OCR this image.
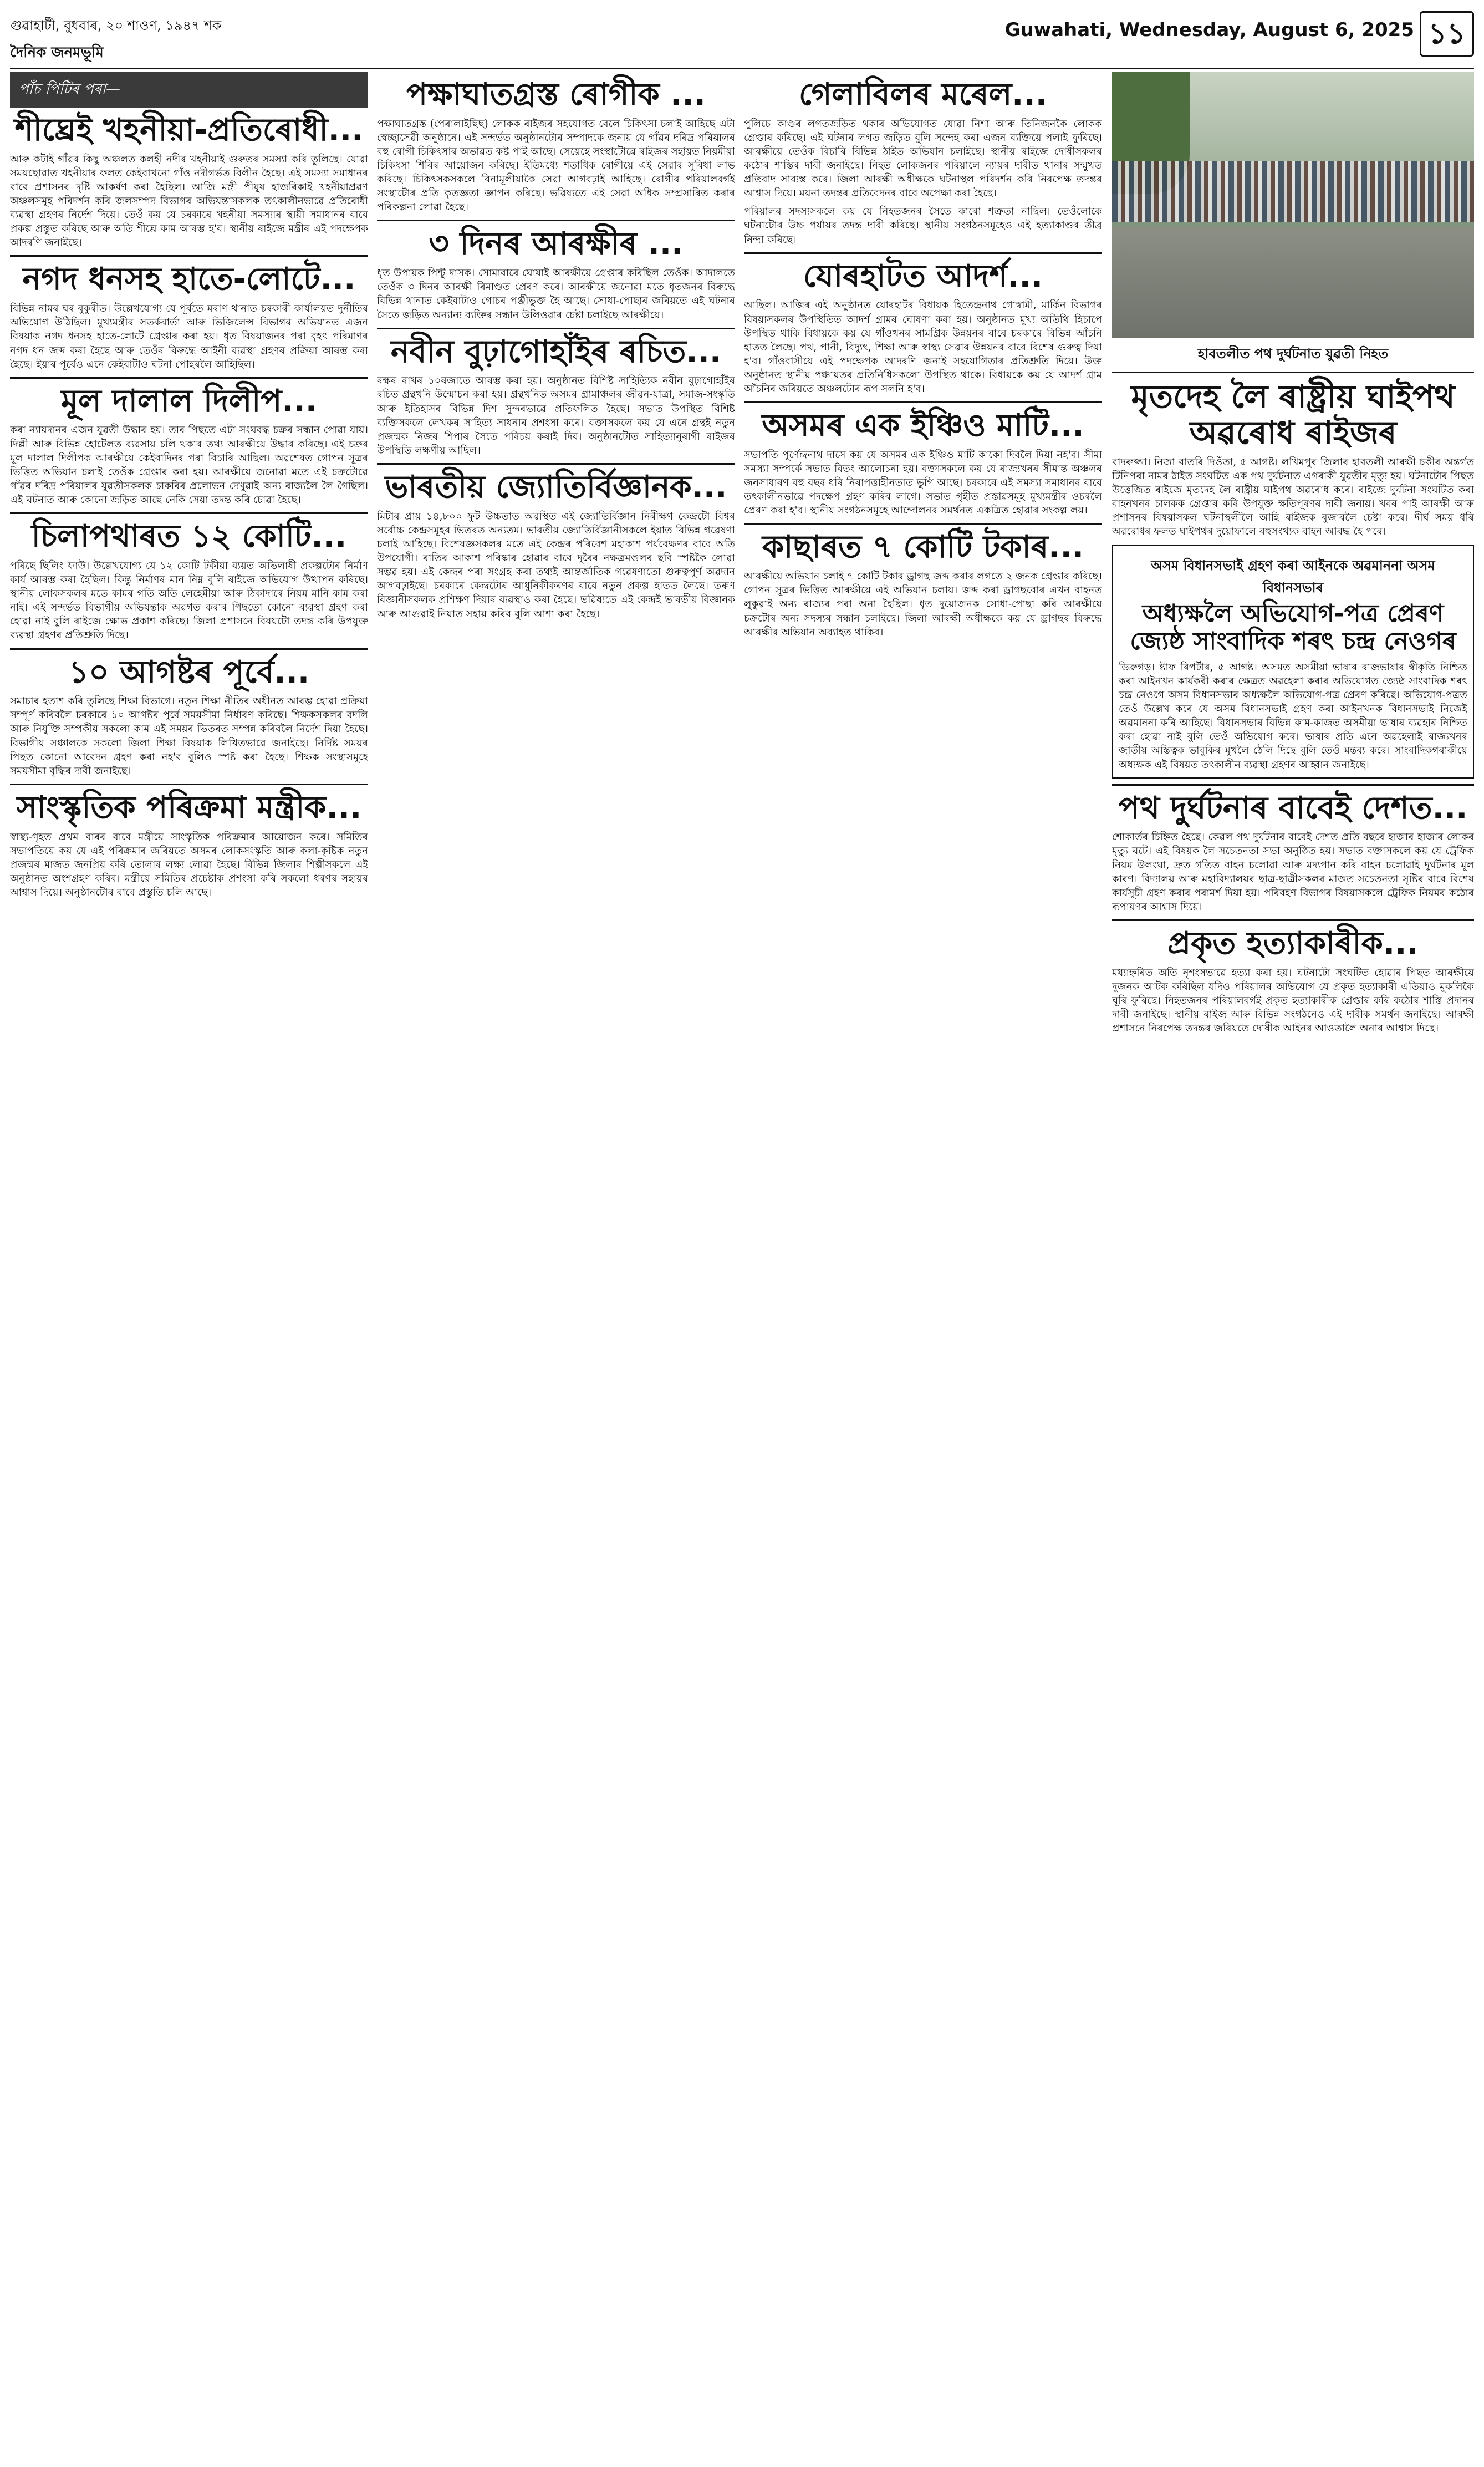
গুৱাহাটী, বুধবাৰ, ২০ শাওণ, ১৯৪৭ শক
দৈনিক জনমভূমি
Guwahati, Wednesday, August 6, 2025 ১১
পাঁচ পিটিৰ পৰা—
শীঘ্ৰেই খহনীয়া-প্ৰতিৰোধী...
আৰু কটাই গাঁৱৰ কিছু অঞ্চলত কলহী নদীৰ খহনীয়াই গুৰুতৰ সমস্যা কৰি তুলিছে। যোৱা সময়ছোৱাত খহনীয়াৰ ফলত কেইবাখনো গাঁও নদীগৰ্ভত বিলীন হৈছে। এই সমস্যা সমাধানৰ বাবে প্ৰশাসনৰ দৃষ্টি আকৰ্ষণ কৰা হৈছিল। আজি মন্ত্ৰী পীযুষ হাজৰিকাই খহনীয়াপ্ৰৱণ অঞ্চলসমূহ পৰিদৰ্শন কৰি জলসম্পদ বিভাগৰ অভিযন্তাসকলক তৎকালীনভাৱে প্ৰতিৰোধী ব্যৱস্থা গ্ৰহণৰ নিৰ্দেশ দিয়ে। তেওঁ কয় যে চৰকাৰে খহনীয়া সমস্যাৰ স্থায়ী সমাধানৰ বাবে প্ৰকল্প প্ৰস্তুত কৰিছে আৰু অতি শীঘ্ৰে কাম আৰম্ভ হ'ব। স্থানীয় ৰাইজে মন্ত্ৰীৰ এই পদক্ষেপক আদৰণি জনাইছে।
নগদ ধনসহ হাতে-লোটে...
বিভিন্ন নামৰ ঘৰ বুকুৰীত। উল্লেখযোগ্য যে পূৰ্বতে মৰাণ থানাত চৰকাৰী কাৰ্যালয়ত দুৰ্নীতিৰ অভিযোগ উঠিছিল। মুখ্যমন্ত্ৰীৰ সতৰ্কবাৰ্তা আৰু ভিজিলেন্স বিভাগৰ অভিযানত এজন বিষয়াক নগদ ধনসহ হাতে-লোটে গ্ৰেপ্তাৰ কৰা হয়। ধৃত বিষয়াজনৰ পৰা বৃহৎ পৰিমাণৰ নগদ ধন জব্দ কৰা হৈছে আৰু তেওঁৰ বিৰুদ্ধে আইনী ব্যৱস্থা গ্ৰহণৰ প্ৰক্ৰিয়া আৰম্ভ কৰা হৈছে। ইয়াৰ পূৰ্বেও এনে কেইবাটাও ঘটনা পোহৰলৈ আহিছিল।
মূল দালাল দিলীপ...
কৰা ন্যায়দানৰ এজন যুৱতী উদ্ধাৰ হয়। তাৰ পিছতে এটা সংঘবদ্ধ চক্ৰৰ সন্ধান পোৱা যায়। দিল্লী আৰু বিভিন্ন হোটেলত ব্যৱসায় চলি থকাৰ তথ্য আৰক্ষীয়ে উদ্ধাৰ কৰিছে। এই চক্ৰৰ মূল দালাল দিলীপক আৰক্ষীয়ে কেইবাদিনৰ পৰা বিচাৰি আছিল। অৱশেষত গোপন সূত্ৰৰ ভিত্তিত অভিযান চলাই তেওঁক গ্ৰেপ্তাৰ কৰা হয়। আৰক্ষীয়ে জনোৱা মতে এই চক্ৰটোৱে গাঁৱৰ দৰিদ্ৰ পৰিয়ালৰ যুৱতীসকলক চাকৰিৰ প্ৰলোভন দেখুৱাই অন্য ৰাজ্যলৈ লৈ গৈছিল। এই ঘটনাত আৰু কোনো জড়িত আছে নেকি সেয়া তদন্ত কৰি চোৱা হৈছে।
চিলাপথাৰত ১২ কোটি...
পৰিছে ছিলিং ফাউ। উল্লেখযোগ্য যে ১২ কোটি টকীয়া ব্যয়ত অভিলাষী প্ৰকল্পটোৰ নিৰ্মাণ কাৰ্য আৰম্ভ কৰা হৈছিল। কিন্তু নিৰ্মাণৰ মান নিম্ন বুলি ৰাইজে অভিযোগ উত্থাপন কৰিছে। স্থানীয় লোকসকলৰ মতে কামৰ গতি অতি লেহেমীয়া আৰু ঠিকাদাৰে নিয়ম মানি কাম কৰা নাই। এই সন্দৰ্ভত বিভাগীয় অভিযন্তাক অৱগত কৰাৰ পিছতো কোনো ব্যৱস্থা গ্ৰহণ কৰা হোৱা নাই বুলি ৰাইজে ক্ষোভ প্ৰকাশ কৰিছে। জিলা প্ৰশাসনে বিষয়টো তদন্ত কৰি উপযুক্ত ব্যৱস্থা গ্ৰহণৰ প্ৰতিশ্ৰুতি দিছে।
১০ আগষ্টৰ পূৰ্বে...
সমাচাৰ হতাশ কৰি তুলিছে শিক্ষা বিভাগে। নতুন শিক্ষা নীতিৰ অধীনত আৰম্ভ হোৱা প্ৰক্ৰিয়া সম্পূৰ্ণ কৰিবলৈ চৰকাৰে ১০ আগষ্টৰ পূৰ্বে সময়সীমা নিৰ্ধাৰণ কৰিছে। শিক্ষকসকলৰ বদলি আৰু নিযুক্তি সম্পৰ্কীয় সকলো কাম এই সময়ৰ ভিতৰত সম্পন্ন কৰিবলৈ নিৰ্দেশ দিয়া হৈছে। বিভাগীয় সঞ্চালকে সকলো জিলা শিক্ষা বিষয়াক লিখিতভাৱে জনাইছে। নিৰ্দিষ্ট সময়ৰ পিছত কোনো আবেদন গ্ৰহণ কৰা নহ'ব বুলিও স্পষ্ট কৰা হৈছে। শিক্ষক সংস্থাসমূহে সময়সীমা বৃদ্ধিৰ দাবী জনাইছে।
সাংস্কৃতিক পৰিক্ৰমা মন্ত্ৰীক...
স্বাস্থ্য-গৃহত প্ৰথম বাৰৰ বাবে মন্ত্ৰীয়ে সাংস্কৃতিক পৰিক্ৰমাৰ আয়োজন কৰে। সমিতিৰ সভাপতিয়ে কয় যে এই পৰিক্ৰমাৰ জৰিয়তে অসমৰ লোকসংস্কৃতি আৰু কলা-কৃষ্টিক নতুন প্ৰজন্মৰ মাজত জনপ্ৰিয় কৰি তোলাৰ লক্ষ্য লোৱা হৈছে। বিভিন্ন জিলাৰ শিল্পীসকলে এই অনুষ্ঠানত অংশগ্ৰহণ কৰিব। মন্ত্ৰীয়ে সমিতিৰ প্ৰচেষ্টাক প্ৰশংসা কৰি সকলো ধৰণৰ সহায়ৰ আশ্বাস দিয়ে। অনুষ্ঠানটোৰ বাবে প্ৰস্তুতি চলি আছে।
পক্ষাঘাতগ্ৰস্ত ৰোগীক ...
পক্ষাঘাতগ্ৰস্ত (পেৰালাইছিছ) লোকক ৰাইজৰ সহযোগত বেলে চিকিৎসা চলাই আহিছে এটা স্বেচ্ছাসেৱী অনুষ্ঠানে। এই সন্দৰ্ভত অনুষ্ঠানটোৰ সম্পাদকে জনায় যে গাঁৱৰ দৰিদ্ৰ পৰিয়ালৰ বহু ৰোগী চিকিৎসাৰ অভাৱত কষ্ট পাই আছে। সেয়েহে সংস্থাটোৱে ৰাইজৰ সহায়ত নিয়মীয়া চিকিৎসা শিবিৰ আয়োজন কৰিছে। ইতিমধ্যে শতাধিক ৰোগীয়ে এই সেৱাৰ সুবিধা লাভ কৰিছে। চিকিৎসকসকলে বিনামূলীয়াকৈ সেৱা আগবঢ়াই আহিছে। ৰোগীৰ পৰিয়ালবৰ্গই সংস্থাটোৰ প্ৰতি কৃতজ্ঞতা জ্ঞাপন কৰিছে। ভৱিষ্যতে এই সেৱা অধিক সম্প্ৰসাৰিত কৰাৰ পৰিকল্পনা লোৱা হৈছে।
৩ দিনৰ আৰক্ষীৰ ...
ধৃত উপায়ক পিন্টু দাসক। সোমাবাৰে ঘোষাই আৰক্ষীয়ে গ্ৰেপ্তাৰ কৰিছিল তেওঁক। আদালতে তেওঁক ৩ দিনৰ আৰক্ষী ৰিমাণ্ডত প্ৰেৰণ কৰে। আৰক্ষীয়ে জনোৱা মতে ধৃতজনৰ বিৰুদ্ধে বিভিন্ন থানাত কেইবাটাও গোচৰ পঞ্জীভুক্ত হৈ আছে। সোধা-পোছাৰ জৰিয়তে এই ঘটনাৰ সৈতে জড়িত অন্যান্য ব্যক্তিৰ সন্ধান উলিওৱাৰ চেষ্টা চলাইছে আৰক্ষীয়ে।
নবীন বুঢ়াগোহাঁইৰ ৰচিত...
ৰক্ষৰ ৰাখৰ ১০ৰজাতে আৰম্ভ কৰা হয়। অনুষ্ঠানত বিশিষ্ট সাহিত্যিক নবীন বুঢ়াগোহাঁইৰ ৰচিত গ্ৰন্থখনি উন্মোচন কৰা হয়। গ্ৰন্থখনিত অসমৰ গ্ৰামাঞ্চলৰ জীৱন-যাত্ৰা, সমাজ-সংস্কৃতি আৰু ইতিহাসৰ বিভিন্ন দিশ সুন্দৰভাৱে প্ৰতিফলিত হৈছে। সভাত উপস্থিত বিশিষ্ট ব্যক্তিসকলে লেখকৰ সাহিত্য সাধনাৰ প্ৰশংসা কৰে। বক্তাসকলে কয় যে এনে গ্ৰন্থই নতুন প্ৰজন্মক নিজৰ শিপাৰ সৈতে পৰিচয় কৰাই দিব। অনুষ্ঠানটোত সাহিত্যানুৰাগী ৰাইজৰ উপস্থিতি লক্ষণীয় আছিল।
ভাৰতীয় জ্যোতিৰ্বিজ্ঞানক...
মিটাৰ প্ৰায় ১৪,৮০০ ফুট উচ্চতাত অৱস্থিত এই জ্যোতিৰ্বিজ্ঞান নিৰীক্ষণ কেন্দ্ৰটো বিশ্বৰ সৰ্বোচ্চ কেন্দ্ৰসমূহৰ ভিতৰত অন্যতম। ভাৰতীয় জ্যোতিৰ্বিজ্ঞানীসকলে ইয়াত বিভিন্ন গৱেষণা চলাই আহিছে। বিশেষজ্ঞসকলৰ মতে এই কেন্দ্ৰৰ পৰিবেশ মহাকাশ পৰ্যবেক্ষণৰ বাবে অতি উপযোগী। ৰাতিৰ আকাশ পৰিষ্কাৰ হোৱাৰ বাবে দূৰৈৰ নক্ষত্ৰমণ্ডলৰ ছবি স্পষ্টকৈ লোৱা সম্ভৱ হয়। এই কেন্দ্ৰৰ পৰা সংগ্ৰহ কৰা তথ্যই আন্তৰ্জাতিক গৱেষণাতো গুৰুত্বপূৰ্ণ অৱদান আগবঢ়াইছে। চৰকাৰে কেন্দ্ৰটোৰ আধুনিকীকৰণৰ বাবে নতুন প্ৰকল্প হাতত লৈছে। তৰুণ বিজ্ঞানীসকলক প্ৰশিক্ষণ দিয়াৰ ব্যৱস্থাও কৰা হৈছে। ভৱিষ্যতে এই কেন্দ্ৰই ভাৰতীয় বিজ্ঞানক আৰু আগুৱাই নিয়াত সহায় কৰিব বুলি আশা কৰা হৈছে।
গেলাবিলৰ মৰেল...
পুলিচে কাণ্ডৰ লগতজড়িত থকাৰ অভিযোগত যোৱা নিশা আৰু তিনিজনকৈ লোকক গ্ৰেপ্তাৰ কৰিছে। এই ঘটনাৰ লগত জড়িত বুলি সন্দেহ কৰা এজন ব্যক্তিয়ে পলাই ফুৰিছে। আৰক্ষীয়ে তেওঁক বিচাৰি বিভিন্ন ঠাইত অভিযান চলাইছে। স্থানীয় ৰাইজে দোষীসকলৰ কঠোৰ শাস্তিৰ দাবী জনাইছে। নিহত লোকজনৰ পৰিয়ালে ন্যায়ৰ দাবীত থানাৰ সন্মুখত প্ৰতিবাদ সাব্যস্ত কৰে। জিলা আৰক্ষী অধীক্ষকে ঘটনাস্থল পৰিদৰ্শন কৰি নিৰপেক্ষ তদন্তৰ আশ্বাস দিয়ে। ময়না তদন্তৰ প্ৰতিবেদনৰ বাবে অপেক্ষা কৰা হৈছে।
পৰিয়ালৰ সদস্যসকলে কয় যে নিহতজনৰ সৈতে কাৰো শত্ৰুতা নাছিল। তেওঁলোকে ঘটনাটোৰ উচ্চ পৰ্যায়ৰ তদন্ত দাবী কৰিছে। স্থানীয় সংগঠনসমূহেও এই হত্যাকাণ্ডৰ তীব্ৰ নিন্দা কৰিছে।
যোৰহাটত আদৰ্শ...
আছিল। আজিৰ এই অনুষ্ঠানত যোৰহাটৰ বিধায়ক হিতেন্দ্ৰনাথ গোস্বামী, মাৰ্কিন বিভাগৰ বিষয়াসকলৰ উপস্থিতিত আদৰ্শ গ্ৰামৰ ঘোষণা কৰা হয়। অনুষ্ঠানত মুখ্য অতিথি হিচাপে উপস্থিত থাকি বিধায়কে কয় যে গাঁওখনৰ সামগ্ৰিক উন্নয়নৰ বাবে চৰকাৰে বিভিন্ন আঁচনি হাতত লৈছে। পথ, পানী, বিদ্যুৎ, শিক্ষা আৰু স্বাস্থ্য সেৱাৰ উন্নয়নৰ বাবে বিশেষ গুৰুত্ব দিয়া হ'ব। গাঁওবাসীয়ে এই পদক্ষেপক আদৰণি জনাই সহযোগিতাৰ প্ৰতিশ্ৰুতি দিয়ে। উক্ত অনুষ্ঠানত স্থানীয় পঞ্চায়তৰ প্ৰতিনিধিসকলো উপস্থিত থাকে। বিধায়কে কয় যে আদৰ্শ গ্ৰাম আঁচনিৰ জৰিয়তে অঞ্চলটোৰ ৰূপ সলনি হ'ব।
অসমৰ এক ইঞ্চিও মাটি...
সভাপতি পূৰ্ণেন্দ্ৰনাথ দাসে কয় যে অসমৰ এক ইঞ্চিও মাটি কাকো দিবলৈ দিয়া নহ'ব। সীমা সমস্যা সম্পৰ্কে সভাত বিতং আলোচনা হয়। বক্তাসকলে কয় যে ৰাজ্যখনৰ সীমান্ত অঞ্চলৰ জনসাধাৰণ বহু বছৰ ধৰি নিৰাপত্তাহীনতাত ভুগি আছে। চৰকাৰে এই সমস্যা সমাধানৰ বাবে তৎকালীনভাৱে পদক্ষেপ গ্ৰহণ কৰিব লাগে। সভাত গৃহীত প্ৰস্তাৱসমূহ মুখ্যমন্ত্ৰীৰ ওচৰলৈ প্ৰেৰণ কৰা হ'ব। স্থানীয় সংগঠনসমূহে আন্দোলনৰ সমৰ্থনত একত্ৰিত হোৱাৰ সংকল্প লয়।
কাছাৰত ৭ কোটি টকাৰ...
আৰক্ষীয়ে অভিযান চলাই ৭ কোটি টকাৰ ড্ৰাগছ জব্দ কৰাৰ লগতে ২ জনক গ্ৰেপ্তাৰ কৰিছে। গোপন সূত্ৰৰ ভিত্তিত আৰক্ষীয়ে এই অভিযান চলায়। জব্দ কৰা ড্ৰাগছবোৰ এখন বাহনত লুকুৱাই অন্য ৰাজ্যৰ পৰা অনা হৈছিল। ধৃত দুয়োজনক সোধা-পোছা কৰি আৰক্ষীয়ে চক্ৰটোৰ অন্য সদস্যৰ সন্ধান চলাইছে। জিলা আৰক্ষী অধীক্ষকে কয় যে ড্ৰাগছৰ বিৰুদ্ধে আৰক্ষীৰ অভিযান অব্যাহত থাকিব।
হাবতলীত পথ দুৰ্ঘটনাত যুৱতী নিহত
মৃতদেহ লৈ ৰাষ্ট্ৰীয় ঘাইপথ অৱৰোধ ৰাইজৰ
বাদৰুজ্জা। নিজা বাতৰি দিওঁতা, ৫ আগষ্ট। লখিমপুৰ জিলাৰ হাবতলী আৰক্ষী চকীৰ অন্তৰ্গত টিনিপৰা নামৰ ঠাইত সংঘটিত এক পথ দুৰ্ঘটনাত এগৰাকী যুৱতীৰ মৃত্যু হয়। ঘটনাটোৰ পিছত উত্তেজিত ৰাইজে মৃতদেহ লৈ ৰাষ্ট্ৰীয় ঘাইপথ অৱৰোধ কৰে। ৰাইজে দুৰ্ঘটনা সংঘটিত কৰা বাহনখনৰ চালকক গ্ৰেপ্তাৰ কৰি উপযুক্ত ক্ষতিপূৰণৰ দাবী জনায়। খবৰ পাই আৰক্ষী আৰু প্ৰশাসনৰ বিষয়াসকল ঘটনাস্থলীলৈ আহি ৰাইজক বুজাবলৈ চেষ্টা কৰে। দীৰ্ঘ সময় ধৰি অৱৰোধৰ ফলত ঘাইপথৰ দুয়োফালে বহুসংখ্যক বাহন আবদ্ধ হৈ পৰে।
অসম বিধানসভাই গ্ৰহণ কৰা আইনকে অৱমাননা অসম বিধানসভাৰ
অধ্যক্ষলৈ অভিযোগ-পত্ৰ প্ৰেৰণ জ্যেষ্ঠ সাংবাদিক শৰৎ চন্দ্ৰ নেওগৰ
ডিব্ৰুগড়। ষ্টাফ ৰিপৰ্টাৰ, ৫ আগষ্ট। অসমত অসমীয়া ভাষাৰ ৰাজভাষাৰ স্বীকৃতি নিশ্চিত কৰা আইনখন কাৰ্যকৰী কৰাৰ ক্ষেত্ৰত অৱহেলা কৰাৰ অভিযোগত জ্যেষ্ঠ সাংবাদিক শৰৎ চন্দ্ৰ নেওগে অসম বিধানসভাৰ অধ্যক্ষলৈ অভিযোগ-পত্ৰ প্ৰেৰণ কৰিছে। অভিযোগ-পত্ৰত তেওঁ উল্লেখ কৰে যে অসম বিধানসভাই গ্ৰহণ কৰা আইনখনক বিধানসভাই নিজেই অৱমাননা কৰি আহিছে। বিধানসভাৰ বিভিন্ন কাম-কাজত অসমীয়া ভাষাৰ ব্যৱহাৰ নিশ্চিত কৰা হোৱা নাই বুলি তেওঁ অভিযোগ কৰে। ভাষাৰ প্ৰতি এনে অৱহেলাই ৰাজ্যখনৰ জাতীয় অস্তিত্বক ভাবুকিৰ মুখলৈ ঠেলি দিছে বুলি তেওঁ মন্তব্য কৰে। সাংবাদিকগৰাকীয়ে অধ্যক্ষক এই বিষয়ত তৎকালীন ব্যৱস্থা গ্ৰহণৰ আহ্বান জনাইছে।
পথ দুৰ্ঘটনাৰ বাবেই দেশত...
শোকাৰ্তৰ চিহ্নিত হৈছে। কেৱল পথ দুৰ্ঘটনাৰ বাবেই দেশত প্ৰতি বছৰে হাজাৰ হাজাৰ লোকৰ মৃত্যু ঘটে। এই বিষয়ক লৈ সচেতনতা সভা অনুষ্ঠিত হয়। সভাত বক্তাসকলে কয় যে ট্ৰেফিক নিয়ম উলংঘা, দ্ৰুত গতিত বাহন চলোৱা আৰু মদ্যপান কৰি বাহন চলোৱাই দুৰ্ঘটনাৰ মূল কাৰণ। বিদ্যালয় আৰু মহাবিদ্যালয়ৰ ছাত্ৰ-ছাত্ৰীসকলৰ মাজত সচেতনতা সৃষ্টিৰ বাবে বিশেষ কাৰ্যসূচী গ্ৰহণ কৰাৰ পৰামৰ্শ দিয়া হয়। পৰিবহণ বিভাগৰ বিষয়াসকলে ট্ৰেফিক নিয়মৰ কঠোৰ ৰূপায়ণৰ আশ্বাস দিয়ে।
প্ৰকৃত হত্যাকাৰীক...
মধ্যাহ্নৰিত অতি নৃশংসভাৱে হত্যা কৰা হয়। ঘটনাটো সংঘটিত হোৱাৰ পিছত আৰক্ষীয়ে দুজনক আটক কৰিছিল যদিও পৰিয়ালৰ অভিযোগ যে প্ৰকৃত হত্যাকাৰী এতিয়াও মুকলিকৈ ঘূৰি ফুৰিছে। নিহতজনৰ পৰিয়ালবৰ্গই প্ৰকৃত হত্যাকাৰীক গ্ৰেপ্তাৰ কৰি কঠোৰ শাস্তি প্ৰদানৰ দাবী জনাইছে। স্থানীয় ৰাইজ আৰু বিভিন্ন সংগঠনেও এই দাবীক সমৰ্থন জনাইছে। আৰক্ষী প্ৰশাসনে নিৰপেক্ষ তদন্তৰ জৰিয়তে দোষীক আইনৰ আওতালৈ অনাৰ আশ্বাস দিছে।
